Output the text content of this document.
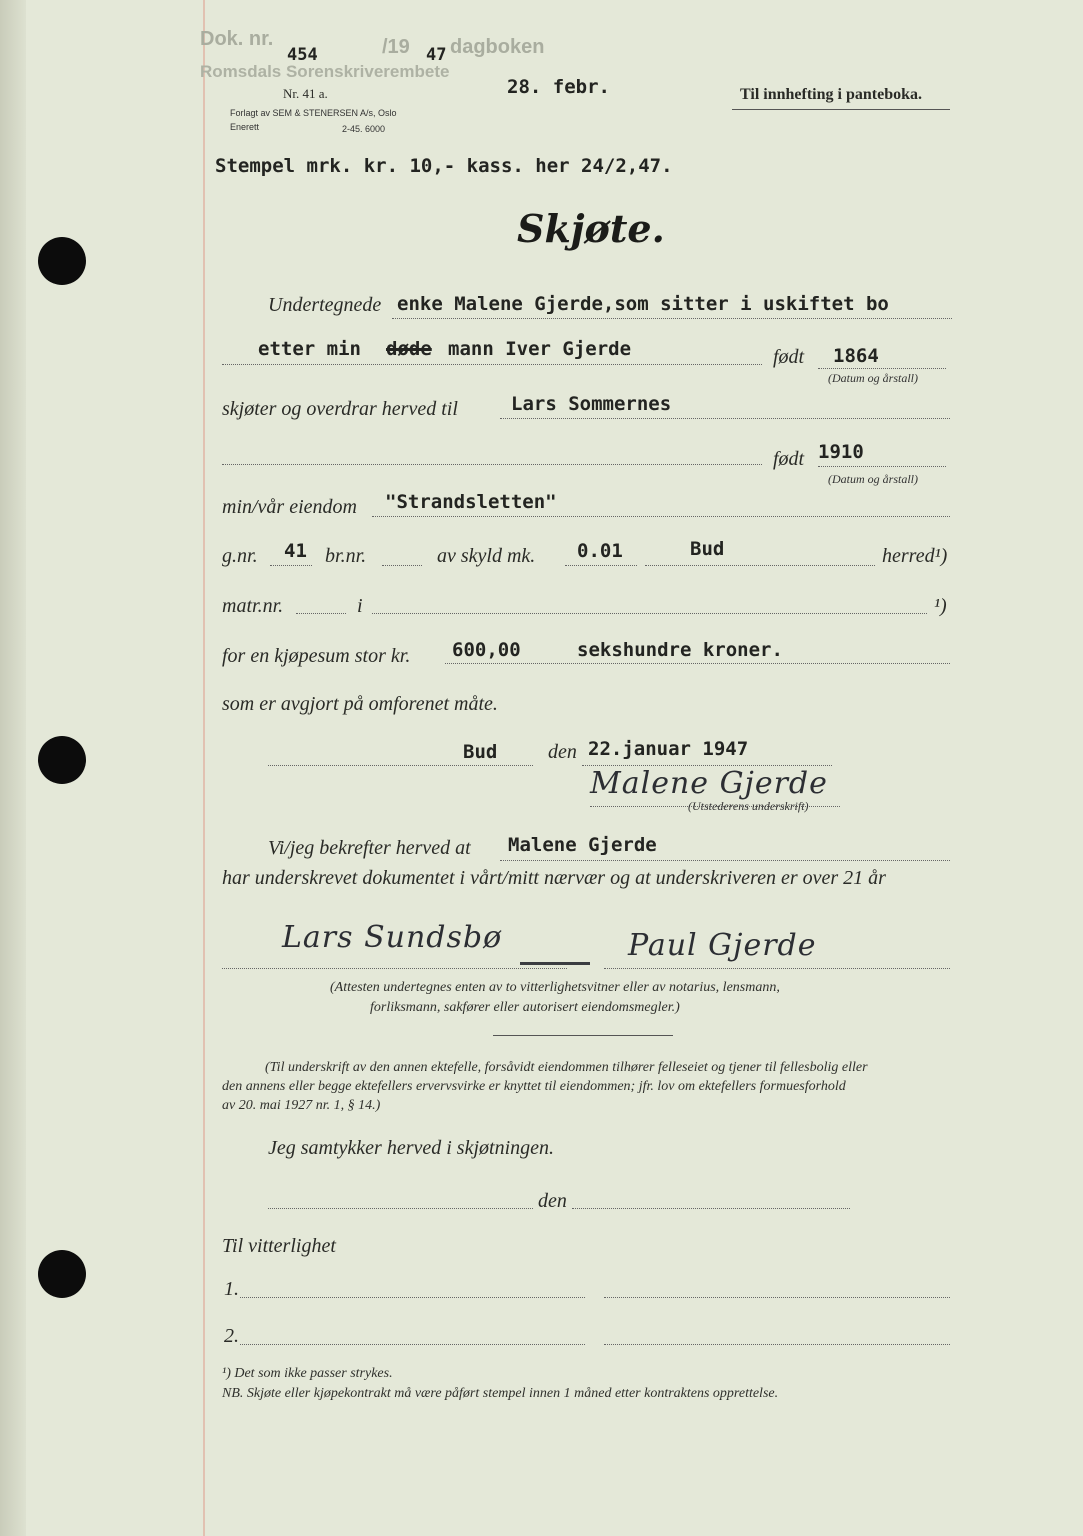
Dok. nr.
454	/19 47 dagboken
Romsdals Sorenskriverembete
28. febr.
Nr. 41 a.
Forlagt av SEM & STENERSEN A/s, Oslo
Enerett	2-45. 6000
Til innhefting i panteboka.
Stempel mrk. kr. 10,- kass. her 24/2,47.
Skjøte.
Undertegnede enke Malene Gjerde,som sitter i uskiftet bo
etter min døde mann Iver Gjerde	født 1864
(Datum og årstall)
skjøter og overdrar herved til	Lars Sommernes
født 1910
(Datum og årstall)
min/vår eiendom "Strandsletten"
g.nr. 41 br.nr.	av skyld mk. 0.01	Bud	herred¹)
matr.nr.	i	¹)
for en kjøpesum stor kr. 600,00	sekshundre kroner.
som er avgjort på omforenet måte.
Bud	den 22.januar 1947
Malene Gjerde
(Utstederens underskrift)
Vi/jeg bekrefter herved at Malene Gjerde
har underskrevet dokumentet i vårt/mitt nærvær og at underskriveren er over 21 år
Lars Sundsbø	Paul Gjerde
(Attesten undertegnes enten av to vitterlighetsvitner eller av notarius, lensmann,
forliksmann, sakfører eller autorisert eiendomsmegler.)
(Til underskrift av den annen ektefelle, forsåvidt eiendommen tilhører felleseiet og tjener til fellesbolig eller
den annens eller begge ektefellers ervervsvirke er knyttet til eiendommen; jfr. lov om ektefellers formuesforhold
av 20. mai 1927 nr. 1, § 14.)
Jeg samtykker herved i skjøtningen.
den
Til vitterlighet
1.
2.
¹) Det som ikke passer strykes.
NB. Skjøte eller kjøpekontrakt må være påført stempel innen 1 måned etter kontraktens opprettelse.
